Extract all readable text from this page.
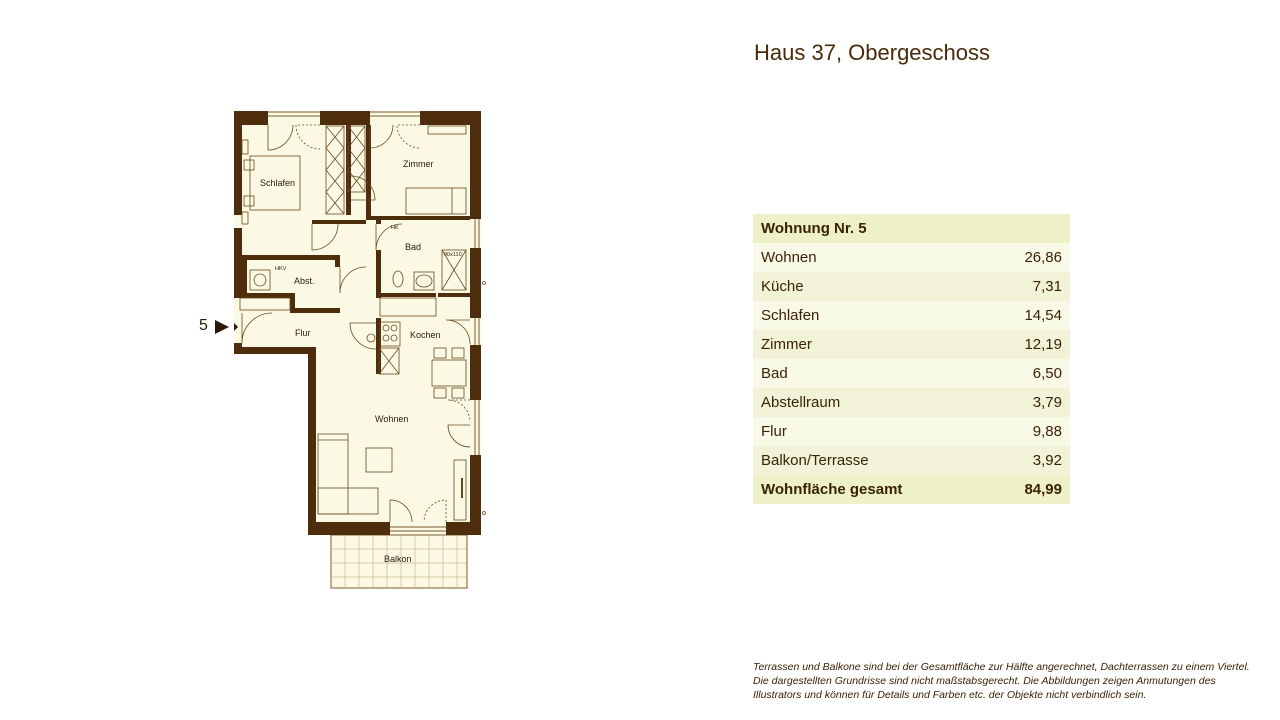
Haus 37, Obergeschoss
Schlafen
Zimmer
Bad
Abst.
Flur	Kochen
Wohnen
Balkon
HKV
HK
90x110
5
Wohnung Nr. 5	
Wohnen	26,86
Küche	7,31
Schlafen	14,54
Zimmer	12,19
Bad	6,50
Abstellraum	3,79
Flur	9,88
Balkon/Terrasse	3,92
Wohnfläche gesamt	84,99
Terrassen und Balkone sind bei der Gesamtfläche zur Hälfte angerechnet, Dachterrassen zu einem Viertel.
Die dargestellten Grundrisse sind nicht maßstabsgerecht. Die Abbildungen zeigen Anmutungen des
Illustrators und können für Details und Farben etc. der Objekte nicht verbindlich sein.
